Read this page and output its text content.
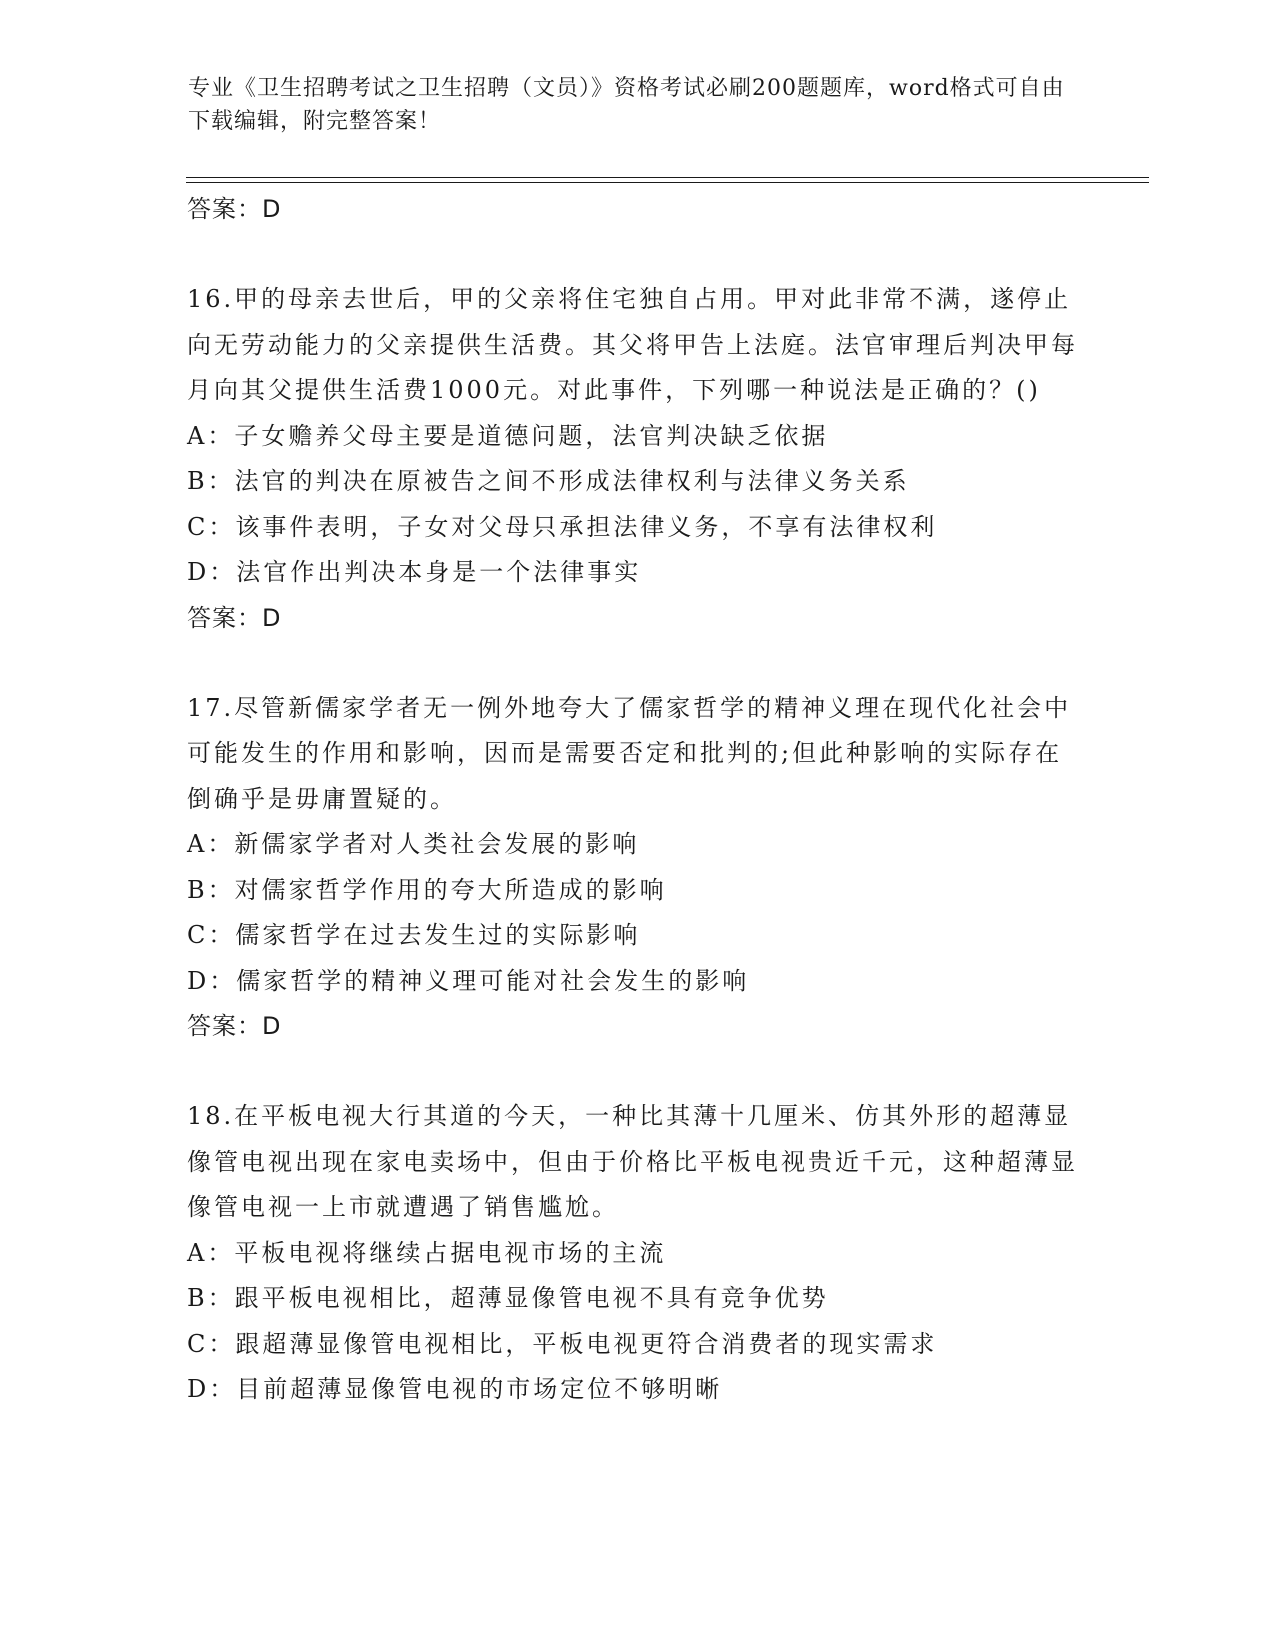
专业《卫生招聘考试之卫生招聘（文员）》资格考试必刷200题题库，word格式可自由下载编辑，附完整答案！
答案：D
16.甲的母亲去世后，甲的父亲将住宅独自占用。甲对此非常不满，遂停止向无劳动能力的父亲提供生活费。其父将甲告上法庭。法官审理后判决甲每月向其父提供生活费1000元。对此事件，下列哪一种说法是正确的？()
A：子女赡养父母主要是道德问题，法官判决缺乏依据
B：法官的判决在原被告之间不形成法律权利与法律义务关系
C：该事件表明，子女对父母只承担法律义务，不享有法律权利
D：法官作出判决本身是一个法律事实
答案：D
17.尽管新儒家学者无一例外地夸大了儒家哲学的精神义理在现代化社会中可能发生的作用和影响，因而是需要否定和批判的;但此种影响的实际存在倒确乎是毋庸置疑的。
A：新儒家学者对人类社会发展的影响
B：对儒家哲学作用的夸大所造成的影响
C：儒家哲学在过去发生过的实际影响
D：儒家哲学的精神义理可能对社会发生的影响
答案：D
18.在平板电视大行其道的今天，一种比其薄十几厘米、仿其外形的超薄显像管电视出现在家电卖场中，但由于价格比平板电视贵近千元，这种超薄显像管电视一上市就遭遇了销售尴尬。
A：平板电视将继续占据电视市场的主流
B：跟平板电视相比，超薄显像管电视不具有竞争优势
C：跟超薄显像管电视相比，平板电视更符合消费者的现实需求
D：目前超薄显像管电视的市场定位不够明晰
